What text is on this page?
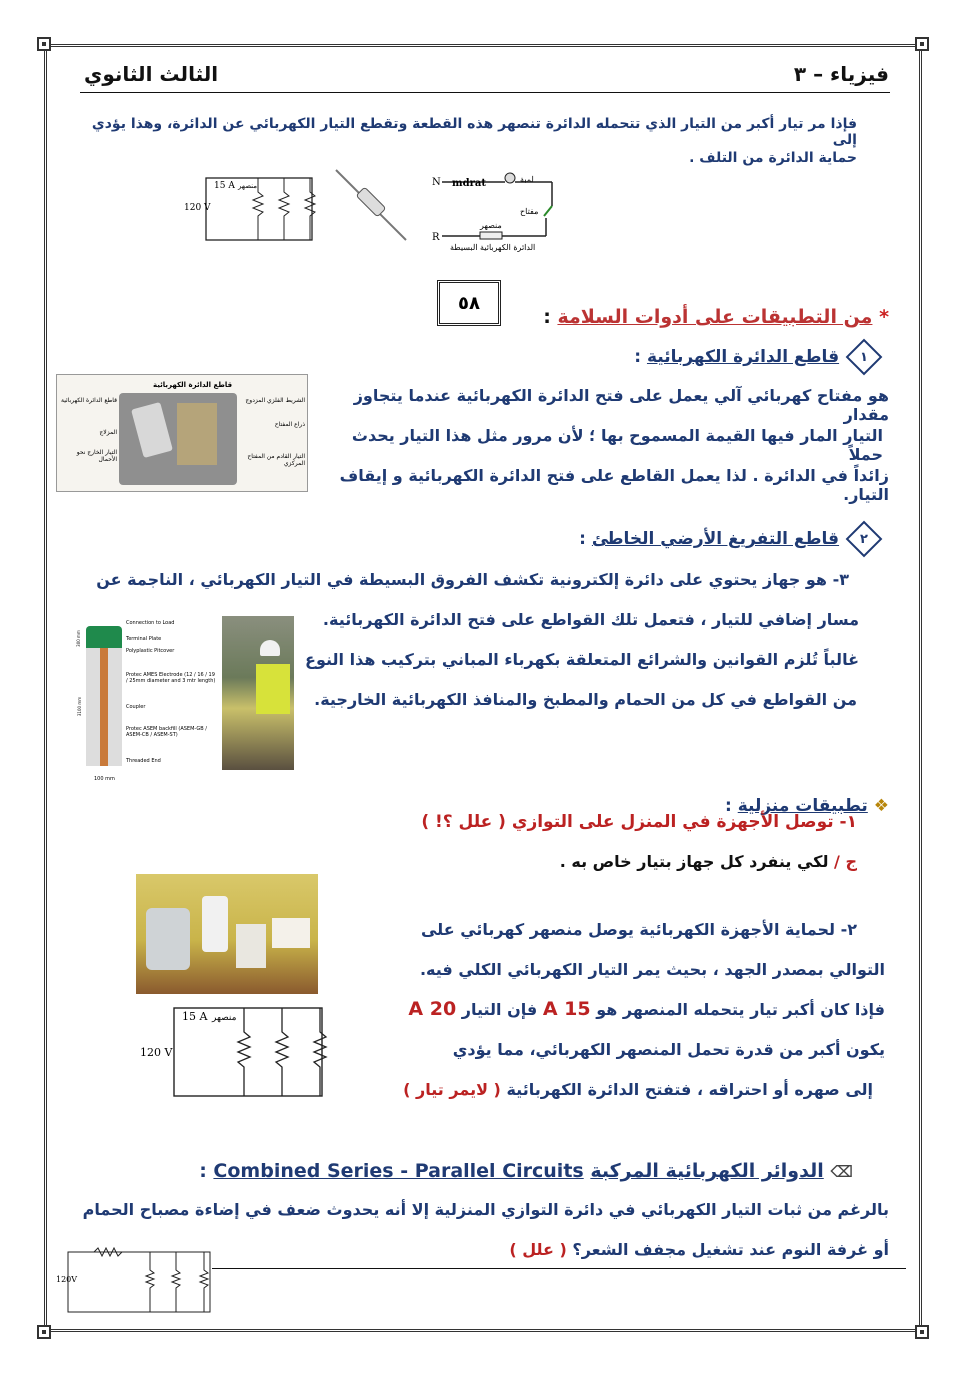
فيزياء – ٣
الثالث الثانوي
فإذا مر تيار أكبر من التيار الذي تتحمله الدائرة تنصهر هذه القطعة وتقطع التيار الكهربائي عن الدائرة، وهذا يؤدي إلى
حماية الدائرة من التلف .
N
R
mdrat	لمبة
مفتاح
منصهر
الدائرة الكهربائية البسيطة
120 V
15 A منصهر
٥٨
* من التطبيقات على أدوات السلامة :
١
قاطع الدائرة الكهربائية :
هو مفتاح كهربائي آلي يعمل على فتح الدائرة الكهربائية عندما يتجاوز مقدار
التيار المار فيها القيمة المسموح بها ؛ لأن مرور مثل هذا التيار يحدث حملاً
زائداً في الدائرة . لذا يعمل القاطع على فتح الدائرة الكهربائية و إيقاف التيار.
قاطع الدائرة الكهربائية
قاطع الدائرة الكهربائية
المزلاج
التيار الخارج نحو الأحمال
الشريط الفلزي المزدوج
ذراع المفتاح
التيار القادم من المفتاح المركزي
٢
قاطع التفريغ الأرضي الخاطئ :
٣- هو جهاز يحتوي على دائرة إلكترونية تكشف الفروق البسيطة في التيار الكهربائي ، الناجمة عن
مسار إضافي للتيار ، فتعمل تلك القواطع على فتح الدائرة الكهربائية.
غالباً تُلزم القوانين والشرائع المتعلقة بكهرباء المباني بتركيب هذا النوع
من القواطع في كل من الحمام والمطبخ والمنافذ الكهربائية الخارجية.
Connection to Load
Terminal Plate
Polyplastic Pitcover
Protec AMES Electrode (12 / 16 / 19 / 25mm diameter and 3 mtr length)
Coupler
Protec ASEM backfill (ASEM-GB / ASEM-CB / ASEM-ST)
Threaded End
300 mm
3100 mm
100 mm
❖ تطبيقات منزلية :
١- توصل الأجهزة في المنزل على التوازي ( علل ؟! )
ج / لكي ينفرد كل جهاز بتيار خاص به .
٢- لحماية الأجهزة الكهربائية يوصل منصهر كهربائي على
التوالي بمصدر الجهد ، بحيث يمر التيار الكهربائي الكلي فيه.
فإذا كان أكبر تيار يتحمله المنصهر هو 15 A فإن التيار 20 A
يكون أكبر من قدرة تحمل المنصهر الكهربائي، مما يؤدي
إلى صهره أو احتراقه ، فتفتح الدائرة الكهربائية ( لايمر تيار )
120 V
15 A منصهر
⌫ الدوائر الكهربائية المركبة Combined Series - Parallel Circuits :
بالرغم من ثبات التيار الكهربائي في دائرة التوازي المنزلية إلا أنه يحدوث ضعف في إضاءة مصباح الحمام
أو غرفة النوم عند تشغيل مجفف الشعر؟ ( علل )
120V
